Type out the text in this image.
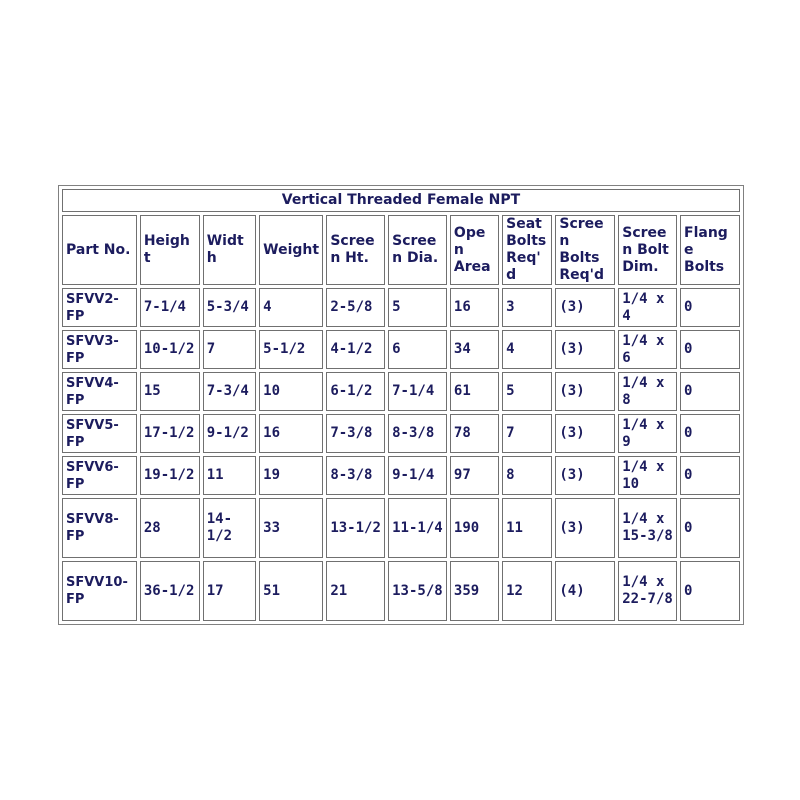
Vertical Threaded Female NPT										
Part No.	Height	Width	Weight	Screen Ht.	Screen Dia.	Open Area	Seat Bolts Req'd	Screen Bolts Req'd	Screen Bolt Dim.	Flange Bolts
SFVV2-FP	7-1/4	5-3/4	4	2-5/8	5	16	3	(3)	1/4 x 4	0
SFVV3-FP	10-1/2	7	5-1/2	4-1/2	6	34	4	(3)	1/4 x 6	0
SFVV4-FP	15	7-3/4	10	6-1/2	7-1/4	61	5	(3)	1/4 x 8	0
SFVV5-FP	17-1/2	9-1/2	16	7-3/8	8-3/8	78	7	(3)	1/4 x 9	0
SFVV6-FP	19-1/2	11	19	8-3/8	9-1/4	97	8	(3)	1/4 x 10	0
SFVV8-FP	28	14-1/2	33	13-1/2	11-1/4	190	11	(3)	1/4 x 15-3/8	0
SFVV10-FP	36-1/2	17	51	21	13-5/8	359	12	(4)	1/4 x 22-7/8	0
